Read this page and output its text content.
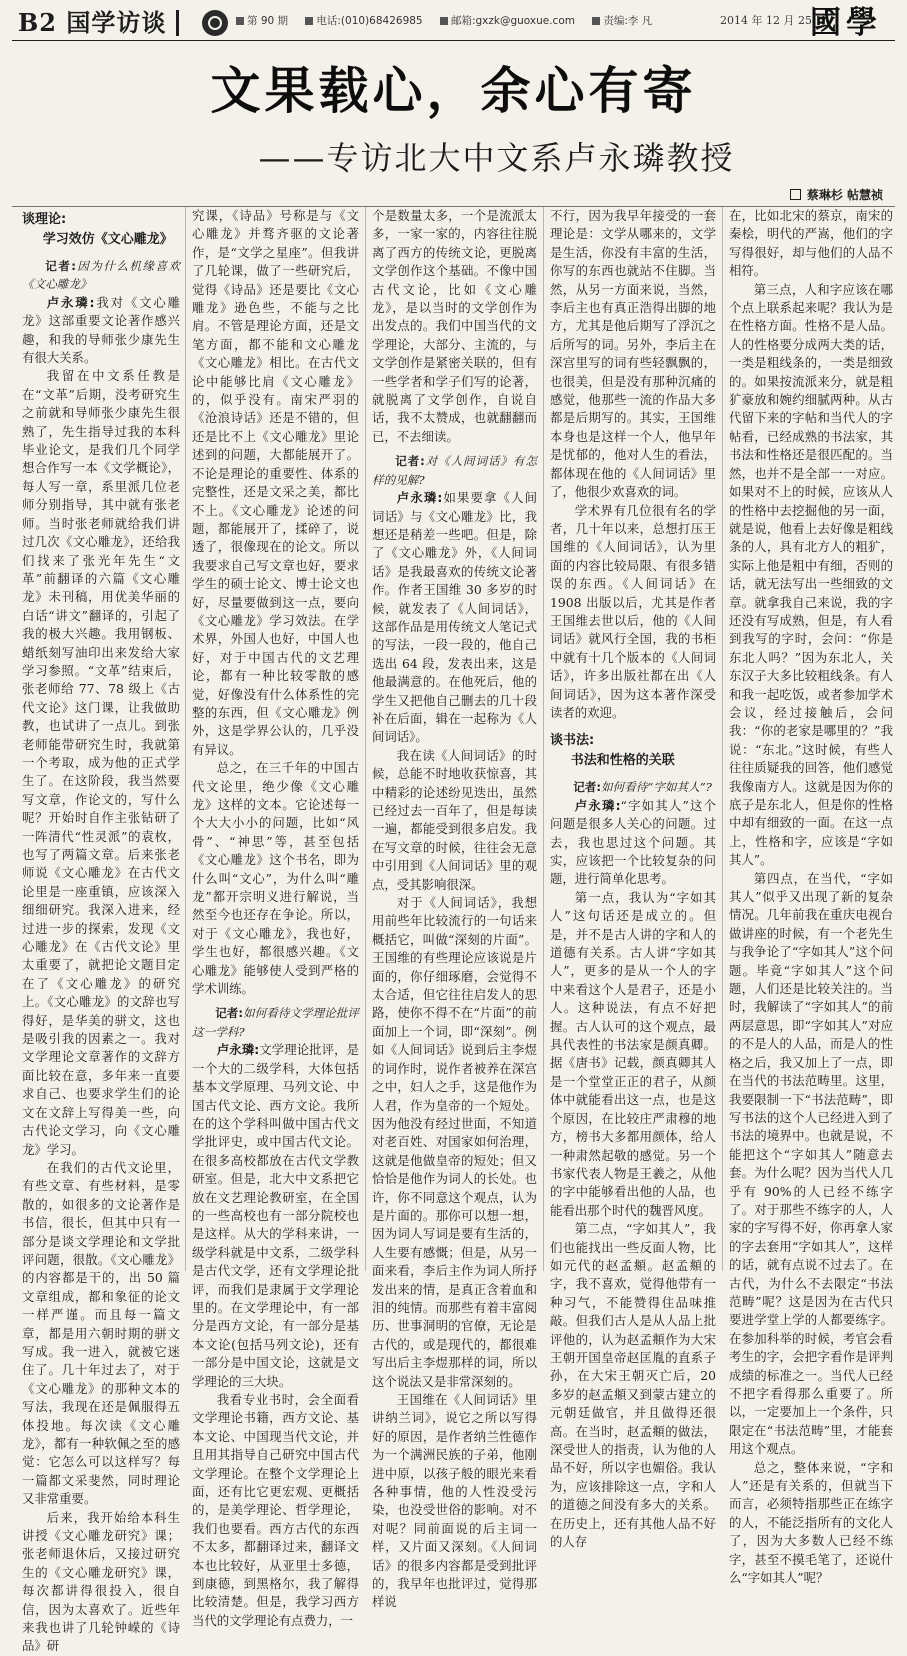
B2 国学访谈	第 90 期	电话:(010)68426985	邮箱:gxzk@guoxue.com	责编:李 凡	2014 年 12 月 25 日
國學
文果载心，余心有寄
——专访北大中文系卢永璘教授
蔡琳杉 帖慧祯
谈理论:
学习效仿《文心雕龙》

记者:因为什么机缘喜欢《文心雕龙》

卢永璘:我对《文心雕龙》这部重要文论著作感兴趣，和我的导师张少康先生有很大关系。

我留在中文系任教是在“文革”后期，没考研究生之前就和导师张少康先生很熟了，先生指导过我的本科毕业论文，是我们几个同学想合作写一本《文学概论》，每人写一章，系里派几位老师分别指导，其中就有张老师。当时张老师就给我们讲过几次《文心雕龙》，还给我们找来了张光年先生“文革”前翻译的六篇《文心雕龙》未刊稿，用优美华丽的白话“讲文”翻译的，引起了我的极大兴趣。我用钢板、蜡纸刻写油印出来发给大家学习参照。“文革”结束后，张老师给 77、78 级上《古代文论》这门课，让我做助教，也试讲了一点儿。到张老师能带研究生时，我就第一个考取，成为他的正式学生了。在这阶段，我当然要写文章，作论文的，写什么呢？开始时自作主张钻研了一阵清代“性灵派”的袁枚，也写了两篇文章。后来张老师说《文心雕龙》在古代文论里是一座重镇，应该深入细细研究。我深入进来，经过进一步的探索，发现《文心雕龙》在《古代文论》里太重要了，就把论文题目定在了《文心雕龙》的研究上。《文心雕龙》的文辞也写得好，是华美的骈文，这也是吸引我的因素之一。我对文学理论文章著作的文辞方面比较在意，多年来一直要求自己、也要求学生们的论文在文辞上写得美一些，向古代论文学习，向《文心雕龙》学习。

在我们的古代文论里，有些文章、有些材料，是零散的，如很多的文论著作是书信，很长，但其中只有一部分是谈文学理论和文学批评问题，很散。《文心雕龙》的内容都是干的，出 50 篇文章组成，都和象征的论文一样严谨。而且每一篇文章，都是用六朝时期的骈文写成。我一进入，就被它迷住了。几十年过去了，对于《文心雕龙》的那种文本的写法，我现在还是佩服得五体投地。每次读《文心雕龙》，都有一种软佩之至的感觉：它怎么可以这样写？每一篇都文采斐然，同时理论又非常重要。

后来，我开始给本科生讲授《文心雕龙研究》课；张老师退休后，又接过研究生的《文心雕龙研究》课，每次都讲得很投入，很自信，因为太喜欢了。近些年来我也讲了几轮钟嵘的《诗品》研

究课，《诗品》号称是与《文心雕龙》并骛齐驱的文论著作，是“文学之星座”。但我讲了几轮课，做了一些研究后，觉得《诗品》还是要比《文心雕龙》逊色些，不能与之比肩。不管是理论方面，还是文笔方面，都不能和文心雕龙《文心雕龙》相比。在古代文论中能够比肩《文心雕龙》的，似乎没有。南宋严羽的《沧浪诗话》还是不错的，但还是比不上《文心雕龙》里论述到的问题，大都能展开了。不论是理论的重要性、体系的完整性，还是文采之美，都比不上。《文心雕龙》论述的问题，都能展开了，揉碎了，说透了，很像现在的论文。所以我要求自己写文章也好，要求学生的硕士论文、博士论文也好，尽量要做到这一点，要向《文心雕龙》学习效法。在学术界，外国人也好，中国人也好，对于中国古代的文艺理论，都有一种比较零散的感觉，好像没有什么体系性的完整的东西，但《文心雕龙》例外，这是学界公认的，几乎没有异议。

总之，在三千年的中国古代文论里，绝少像《文心雕龙》这样的文本。它论述每一个大大小小的问题，比如“风骨”、“神思”等，甚至包括《文心雕龙》这个书名，即为什么叫“文心”，为什么叫“雕龙”都开宗明义进行解说，当然至今也还存在争论。所以，对于《文心雕龙》，我也好，学生也好，都很感兴趣。《文心雕龙》能够使人受到严格的学术训练。

记者:如何看待文学理论批评这一学科?

卢永璘:文学理论批评，是一个大的二级学科，大体包括基本文学原理、马列文论、中国古代文论、西方文论。我所在的这个学科叫做中国古代文学批评史，或中国古代文论。在很多高校都放在古代文学教研室。但是，北大中文系把它放在文艺理论教研室，在全国的一些高校也有一部分院校也是这样。从大的学科来讲，一级学科就是中文系，二级学科是古代文学，还有文学理论批评，而我们是隶属于文学理论里的。在文学理论中，有一部分是西方文论，有一部分是基本文论(包括马列文论)，还有一部分是中国文论，这就是文学理论的三大块。

我看专业书时，会全面看文学理论书籍，西方文论、基本文论、中国现当代文论，并且用其指导自己研究中国古代文学理论。在整个文学理论上面，还有比它更宏观、更概括的，是美学理论、哲学理论，我们也要看。西方古代的东西不太多，都翻译过来，翻译文本也比较好，从亚里士多德，到康德，到黑格尔，我了解得比较清楚。但是，我学习西方当代的文学理论有点费力，一

个是数量太多，一个是流派太多，一家一家的，内容往往脱离了西方的传统文论，更脱离文学创作这个基础。不像中国古代文论，比如《文心雕龙》，是以当时的文学创作为出发点的。我们中国当代的文学理论，大部分、主流的，与文学创作是紧密关联的，但有一些学者和学子们写的论著，就脱离了文学创作，自说自话，我不太赞成，也就翻翻而已，不去细读。

记者:对《人间词话》有怎样的见解?

卢永璘:如果要拿《人间词话》与《文心雕龙》比，我想还是稍差一些吧。但是，除了《文心雕龙》外，《人间词话》是我最喜欢的传统文论著作。作者王国维 30 多岁的时候，就发表了《人间词话》，这部作品是用传统文人笔记式的写法，一段一段的，他自己选出 64 段，发表出来，这是他最满意的。在他死后，他的学生又把他自己删去的几十段补在后面，辑在一起称为《人间词话》。

我在读《人间词话》的时候，总能不时地收获惊喜，其中精彩的论述纷见迭出，虽然已经过去一百年了，但是每读一遍，都能受到很多启发。我在写文章的时候，往往会无意中引用到《人间词话》里的观点，受其影响很深。

对于《人间词话》，我想用前些年比较流行的一句话来概括它，叫做“深刻的片面”。王国维的有些理论应该说是片面的，你仔细琢磨，会觉得不太合适，但它往往启发人的思路，使你不得不在“片面”的前面加上一个词，即“深刻”。例如《人间词话》说到后主李煜的词作时，说作者被养在深宫之中，妇人之手，这是他作为人君，作为皇帝的一个短处。因为他没有经过世面，不知道对老百姓、对国家如何治理，这就是他做皇帝的短处；但又恰恰是他作为词人的长处。也许，你不同意这个观点，认为是片面的。那你可以想一想，因为词人写词是要有生活的，人生要有感慨；但是，从另一面来看，李后主作为词人所抒发出来的情，是真正含着血和泪的纯情。而那些有着丰富阅历、世事洞明的官僚，无论是古代的，或是现代的，都很难写出后主李煜那样的词，所以这个说法又是非常深刻的。

王国维在《人间词话》里讲纳兰词》，说它之所以写得好的原因，是作者纳兰性德作为一个满洲民族的子弟，他刚进中原，以孩子般的眼光来看各种事情，他的人性没受污染，也没受世俗的影响。对不对呢？同前面说的后主词一样，又片面又深刻。《人间词话》的很多内容都是受到批评的，我早年也批评过，觉得那样说

不行，因为我早年接受的一套理论是：文学从哪来的，文学是生活，你没有丰富的生活，你写的东西也就站不住脚。当然，从另一方面来说，当然，李后主也有真正浩得出脚的地方，尤其是他后期写了浮沉之后所写的词。另外，李后主在深宫里写的词有些轻飘飘的，也很美，但是没有那种沉痛的感觉，他那些一流的作品大多都是后期写的。其实，王国维本身也是这样一个人，他早年是忧郁的，他对人生的看法，都体现在他的《人间词话》里了，他很少欢喜欢的词。

学术界有几位很有名的学者，几十年以来，总想打压王国维的《人间词话》，认为里面的内容比较局限、有很多错误的东西。《人间词话》在 1908 出版以后，尤其是作者王国维去世以后，他的《人间词话》就风行全国，我的书柜中就有十几个版本的《人间词话》，许多出版社都在出《人间词话》，因为这本著作深受读者的欢迎。

谈书法:
书法和性格的关联

记者:如何看待“字如其人”?

卢永璘:“字如其人”这个问题是很多人关心的问题。过去，我也思过这个问题。其实，应该把一个比较复杂的问题，进行简单化思考。

第一点，我认为“字如其人”这句话还是成立的。但是，并不是古人讲的字和人的道德有关系。古人讲“字如其人”，更多的是从一个人的字中来看这个人是君子，还是小人。这种说法，有点不好把握。古人认可的这个观点，最具代表性的书法家是颜真卿。据《唐书》记载，颜真卿其人是一个堂堂正正的君子，从颜体中就能看出这一点，也是这个原因，在比较庄严肃穆的地方，榜书大多都用颜体，给人一种肃然起敬的感觉。另一个书家代表人物是王羲之，从他的字中能够看出他的人品，也能看出那个时代的魏晋风度。

第二点，“字如其人”，我们也能找出一些反面人物，比如元代的赵孟頫。赵孟頫的字，我不喜欢，觉得他带有一种习气，不能赞得住品味推敲。但我们古人是从人品上批评他的，认为赵孟頫作为大宋王朝开国皇帝赵匡胤的直系子孙，在大宋王朝灭亡后，20 多岁的赵孟頫又到蒙古建立的元朝廷做官，并且做得还很高。在当时，赵孟頫的做法，深受世人的指责，认为他的人品不好，所以字也媚俗。我认为，应该排除这一点，字和人的道德之间没有多大的关系。在历史上，还有其他人品不好的人存

在，比如北宋的蔡京，南宋的秦桧，明代的严嵩，他们的字写得很好，却与他们的人品不相符。

第三点，人和字应该在哪个点上联系起来呢？我认为是在性格方面。性格不是人品。人的性格要分成两大类的话，一类是粗线条的，一类是细致的。如果按流派来分，就是粗犷豪放和婉约细腻两种。从古代留下来的字帖和当代人的字帖看，已经成熟的书法家，其书法和性格还是很匹配的。当然，也并不是全部一一对应。如果对不上的时候，应该从人的性格中去挖掘他的另一面，就是说，他看上去好像是粗线条的人，具有北方人的粗犷，实际上他是粗中有细，否则的话，就无法写出一些细致的文章。就拿我自己来说，我的字还没有写成熟，但是，有人看到我写的字时，会问：“你是东北人吗？”因为东北人，关东汉子大多比较粗线条。有人和我一起吃饭，或者参加学术会议，经过接触后，会问我：“你的老家是哪里的？”我说：“东北。”这时候，有些人往往质疑我的回答，他们感觉我像南方人。这就是因为你的底子是东北人，但是你的性格中却有细致的一面。在这一点上，性格和字，应该是“字如其人”。

第四点，在当代，“字如其人”似乎又出现了新的复杂情况。几年前我在重庆电视台做讲座的时候，有一个老先生与我争论了“字如其人”这个问题。毕竟“字如其人”这个问题，人们还是比较关注的。当时，我解读了“字如其人”的前两层意思，即“字如其人”对应的不是人的人品，而是人的性格之后，我又加上了一点，即在当代的书法范畴里。这里，我要限制一下“书法范畴”，即写书法的这个人已经进入到了书法的境界中。也就是说，不能把这个“字如其人”随意去套。为什么呢？因为当代人几乎有 90%的人已经不练字了。对于那些不练字的人，人家的字写得不好，你再拿人家的字去套用“字如其人”，这样的话，就有点说不过去了。在古代，为什么不去限定“书法范畴”呢？这是因为在古代只要进学堂上学的人都要练字。在参加科举的时候，考官会看考生的字，会把字看作是评判成绩的标准之一。当代人已经不把字看得那么重要了。所以，一定要加上一个条件，只限定在“书法范畴”里，才能套用这个观点。

总之，整体来说，“字和人”还是有关系的，但就当下而言，必须特指那些正在练字的人，不能泛指所有的文化人了，因为大多数人已经不练字，甚至不摸毛笔了，还说什么“字如其人”呢？
